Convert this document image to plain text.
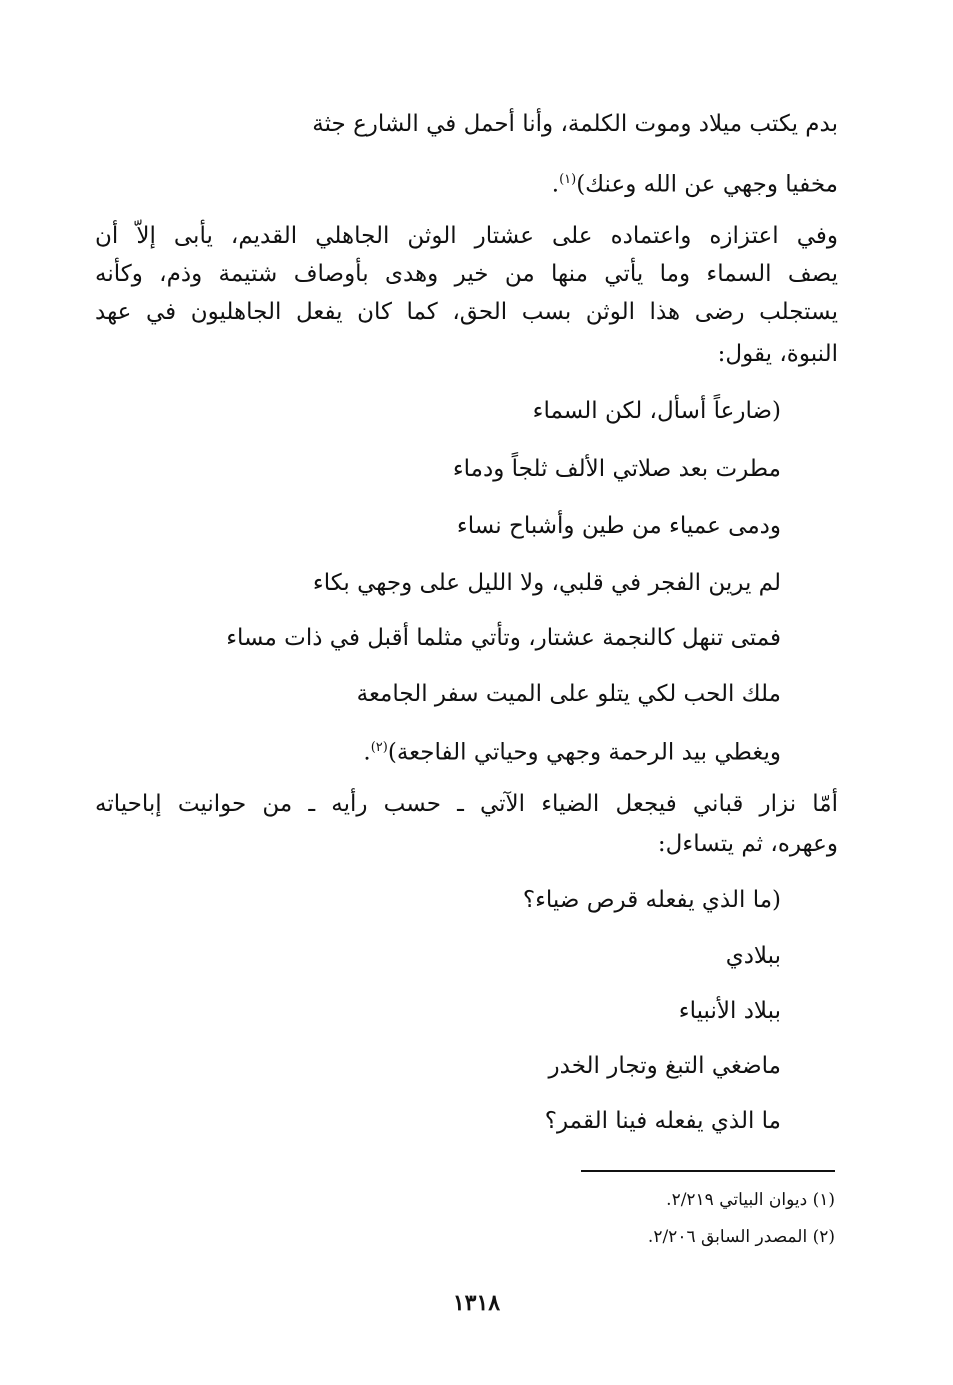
بدم يكتب ميلاد وموت الكلمة، وأنا أحمل في الشارع جثة
مخفيا وجهي عن الله وعنك)$^{(١)}$.
وفي اعتزازه واعتماده على عشتار الوثن الجاهلي القديم، يأبى إلاّ أن
يصف السماء وما يأتي منها من خير وهدى بأوصاف شتيمة وذم، وكأنه
يستجلب رضى هذا الوثن بسب الحق، كما كان يفعل الجاهليون في عهد
النبوة، يقول:
(ضارعاً أسأل، لكن السماء
مطرت بعد صلاتي الألف ثلجاً ودماء
ودمى عمياء من طين وأشباح نساء
لم يرين الفجر في قلبي، ولا الليل على وجهي بكاء
فمتى تنهل كالنجمة عشتار، وتأتي مثلما أقبل في ذات مساء
ملك الحب لكي يتلو على الميت سفر الجامعة
ويغطي بيد الرحمة وجهي وحياتي الفاجعة)$^{(٢)}$.
أمّا نزار قباني فيجعل الضياء الآتي ـ حسب رأيه ـ من حوانيت إباحياته
وعهره، ثم يتساءل:
(ما الذي يفعله قرص ضياء؟
ببلادي
ببلاد الأنبياء
ماضغي التبغ وتجار الخدر
ما الذي يفعله فينا القمر؟
(١) ديوان البياتي ٢/٢١٩.
(٢) المصدر السابق ٢/٢٠٦.
١٣١٨
